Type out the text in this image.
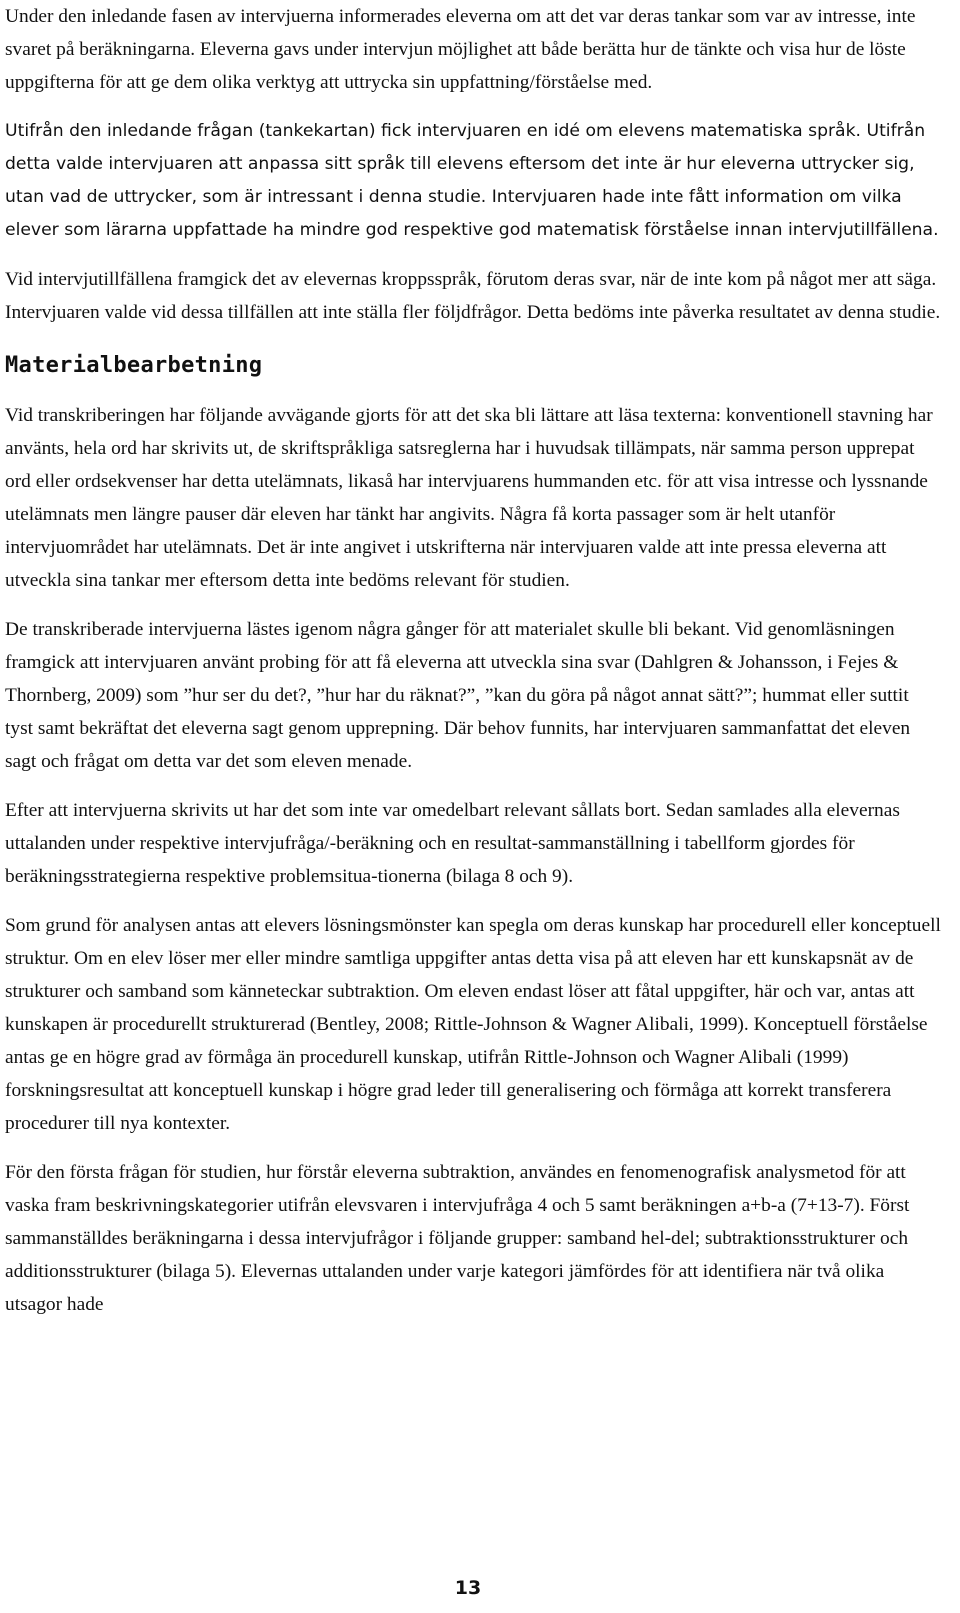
Under den inledande fasen av intervjuerna informerades eleverna om att det var deras tankar som var av intresse, inte svaret på beräkningarna. Eleverna gavs under intervjun möjlighet att både berätta hur de tänkte och visa hur de löste uppgifterna för att ge dem olika verktyg att uttrycka sin uppfattning/förståelse med.

Utifrån den inledande frågan (tankekartan) fick intervjuaren en idé om elevens matematiska språk. Utifrån detta valde intervjuaren att anpassa sitt språk till elevens eftersom det inte är hur eleverna uttrycker sig, utan vad de uttrycker, som är intressant i denna studie. Intervjuaren hade inte fått information om vilka elever som lärarna uppfattade ha mindre god respektive god matematisk förståelse innan intervjutillfällena.

Vid intervjutillfällena framgick det av elevernas kroppsspråk, förutom deras svar, när de inte kom på något mer att säga. Intervjuaren valde vid dessa tillfällen att inte ställa fler följdfrågor. Detta bedöms inte påverka resultatet av denna studie.

Materialbearbetning

Vid transkriberingen har följande avvägande gjorts för att det ska bli lättare att läsa texterna: konventionell stavning har använts, hela ord har skrivits ut, de skriftspråkliga satsreglerna har i huvudsak tillämpats, när samma person upprepat ord eller ordsekvenser har detta utelämnats, likaså har intervjuarens hummanden etc. för att visa intresse och lyssnande utelämnats men längre pauser där eleven har tänkt har angivits. Några få korta passager som är helt utanför intervjuområdet har utelämnats. Det är inte angivet i utskrifterna när intervjuaren valde att inte pressa eleverna att utveckla sina tankar mer eftersom detta inte bedöms relevant för studien.

De transkriberade intervjuerna lästes igenom några gånger för att materialet skulle bli bekant. Vid genomläsningen framgick att intervjuaren använt probing för att få eleverna att utveckla sina svar (Dahlgren & Johansson, i Fejes & Thornberg, 2009) som ”hur ser du det?, ”hur har du räknat?”, ”kan du göra på något annat sätt?”; hummat eller suttit tyst samt bekräftat det eleverna sagt genom upprepning. Där behov funnits, har intervjuaren sammanfattat det eleven sagt och frågat om detta var det som eleven menade.

Efter att intervjuerna skrivits ut har det som inte var omedelbart relevant sållats bort. Sedan samlades alla elevernas uttalanden under respektive intervjufråga/-beräkning och en resultat-sammanställning i tabellform gjordes för beräkningsstrategierna respektive problemsitua-tionerna (bilaga 8 och 9).

Som grund för analysen antas att elevers lösningsmönster kan spegla om deras kunskap har procedurell eller konceptuell struktur. Om en elev löser mer eller mindre samtliga uppgifter antas detta visa på att eleven har ett kunskapsnät av de strukturer och samband som känneteckar subtraktion. Om eleven endast löser att fåtal uppgifter, här och var, antas att kunskapen är procedurellt strukturerad (Bentley, 2008; Rittle-Johnson & Wagner Alibali, 1999). Konceptuell förståelse antas ge en högre grad av förmåga än procedurell kunskap, utifrån Rittle-Johnson och Wagner Alibali (1999) forskningsresultat att konceptuell kunskap i högre grad leder till generalisering och förmåga att korrekt transferera procedurer till nya kontexter.

För den första frågan för studien, hur förstår eleverna subtraktion, användes en fenomenografisk analysmetod för att vaska fram beskrivningskategorier utifrån elevsvaren i intervjufråga 4 och 5 samt beräkningen a+b-a (7+13-7). Först sammanställdes beräkningarna i dessa intervjufrågor i följande grupper: samband hel-del; subtraktionsstrukturer och additionsstrukturer (bilaga 5). Elevernas uttalanden under varje kategori jämfördes för att identifiera när två olika utsagor hade

13
